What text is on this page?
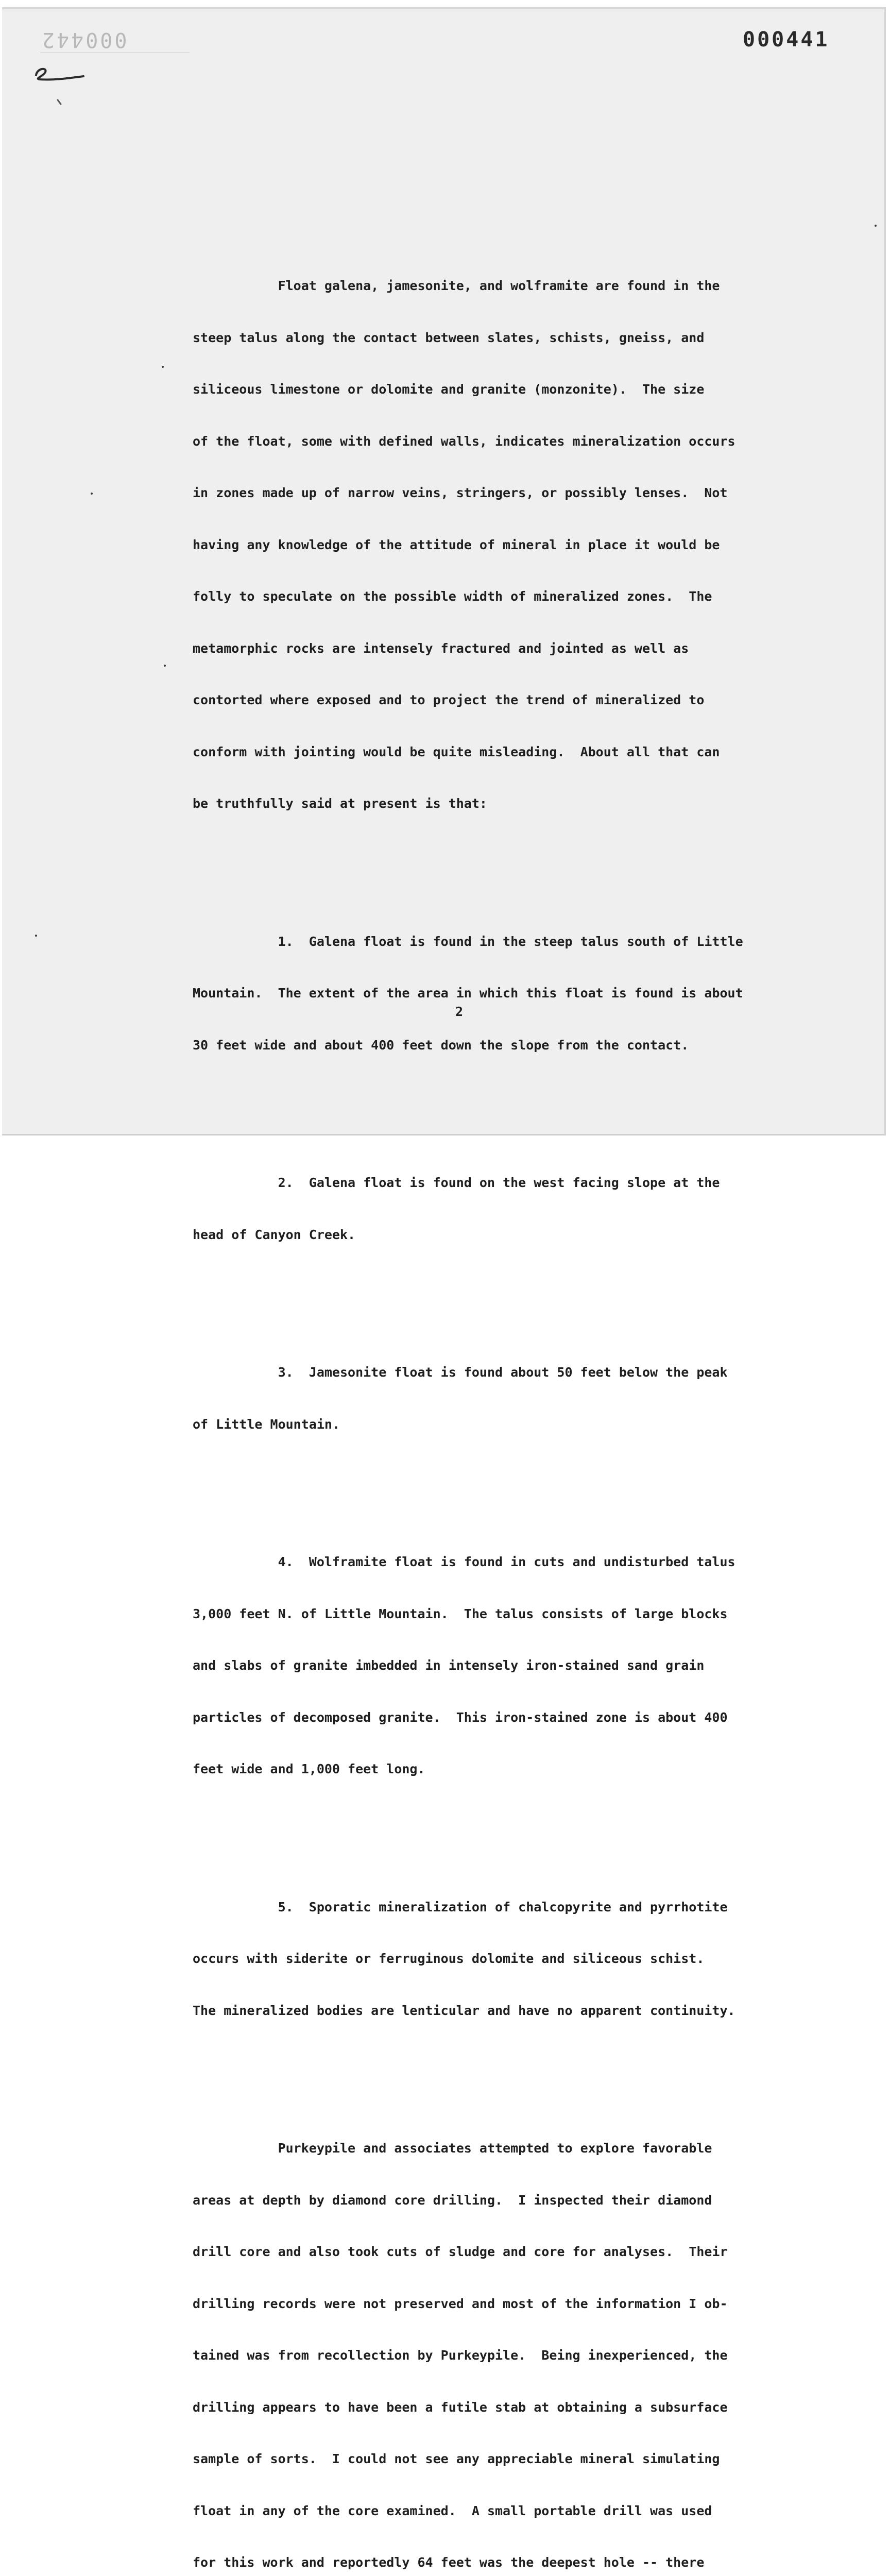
000442	000441

Float galena, jamesonite, and wolframite are found in the

steep talus along the contact between slates, schists, gneiss, and

siliceous limestone or dolomite and granite (monzonite).  The size

of the float, some with defined walls, indicates mineralization occurs

in zones made up of narrow veins, stringers, or possibly lenses.  Not

having any knowledge of the attitude of mineral in place it would be

folly to speculate on the possible width of mineralized zones.  The

metamorphic rocks are intensely fractured and jointed as well as

contorted where exposed and to project the trend of mineralized to

conform with jointing would be quite misleading.  About all that can

be truthfully said at present is that:

1.  Galena float is found in the steep talus south of Little

Mountain.  The extent of the area in which this float is found is about

30 feet wide and about 400 feet down the slope from the contact.

2.  Galena float is found on the west facing slope at the

head of Canyon Creek.

3.  Jamesonite float is found about 50 feet below the peak

of Little Mountain.

4.  Wolframite float is found in cuts and undisturbed talus

3,000 feet N. of Little Mountain.  The talus consists of large blocks

and slabs of granite imbedded in intensely iron-stained sand grain

particles of decomposed granite.  This iron-stained zone is about 400

feet wide and 1,000 feet long.

5.  Sporatic mineralization of chalcopyrite and pyrrhotite

occurs with siderite or ferruginous dolomite and siliceous schist.

The mineralized bodies are lenticular and have no apparent continuity.

Purkeypile and associates attempted to explore favorable

areas at depth by diamond core drilling.  I inspected their diamond

drill core and also took cuts of sludge and core for analyses.  Their

drilling records were not preserved and most of the information I ob-

tained was from recollection by Purkeypile.  Being inexperienced, the

drilling appears to have been a futile stab at obtaining a subsurface

sample of sorts.  I could not see any appreciable mineral simulating

float in any of the core examined.  A small portable drill was used

for this work and reportedly 64 feet was the deepest hole -- there

2
